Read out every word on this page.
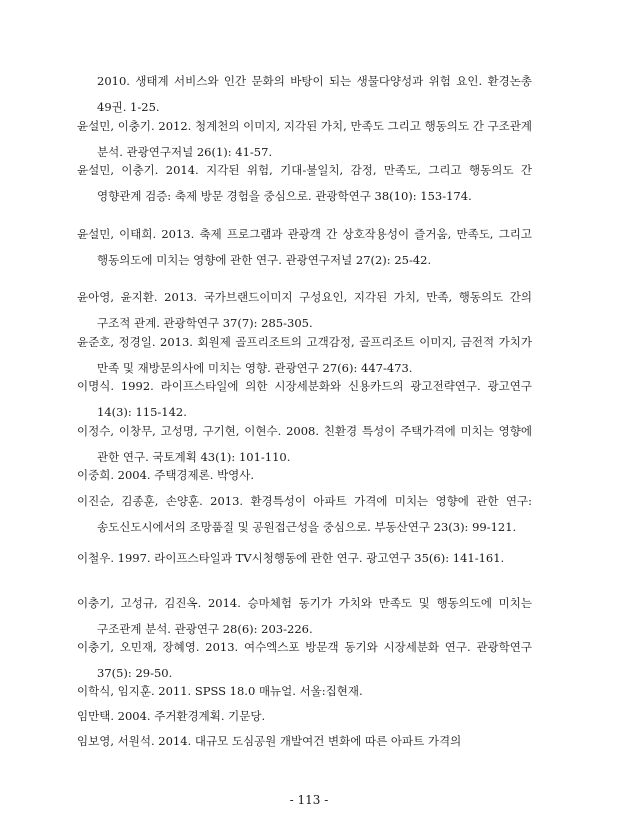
2010. 생태계 서비스와 인간 문화의 바탕이 되는 생물다양성과 위험 요인. 환경논총 49권. 1-25.
윤설민, 이충기. 2012. 청계천의 이미지, 지각된 가치, 만족도 그리고 행동의도 간 구조관계 분석. 관광연구저널 26(1): 41-57.
윤설민, 이충기. 2014. 지각된 위험, 기대-불일치, 감정, 만족도, 그리고 행동의도 간 영향관계 검증: 축제 방문 경험을 중심으로. 관광학연구 38(10): 153-174.
윤설민, 이태희. 2013. 축제 프로그램과 관광객 간 상호작용성이 즐거움, 만족도, 그리고 행동의도에 미치는 영향에 관한 연구. 관광연구저널 27(2): 25-42.
윤아영, 윤지환. 2013. 국가브랜드이미지 구성요인, 지각된 가치, 만족, 행동의도 간의 구조적 관계. 관광학연구 37(7): 285-305.
윤준호, 정경일. 2013. 회원제 골프리조트의 고객감정, 골프리조트 이미지, 금전적 가치가 만족 및 재방문의사에 미치는 영향. 관광연구 27(6): 447-473.
이명식. 1992. 라이프스타일에 의한 시장세분화와 신용카드의 광고전략연구. 광고연구 14(3): 115-142.
이정수, 이창무, 고성명, 구기현, 이현수. 2008. 친환경 특성이 주택가격에 미치는 영향에 관한 연구. 국토계획 43(1): 101-110.
이중희. 2004. 주택경제론. 박영사.
이진순, 김종훈, 손양훈. 2013. 환경특성이 아파트 가격에 미치는 영향에 관한 연구: 송도신도시에서의 조망품질 및 공원접근성을 중심으로. 부동산연구 23(3): 99-121.
이철우. 1997. 라이프스타일과 TV시청행동에 관한 연구. 광고연구 35(6): 141-161.
이충기, 고성규, 김진옥. 2014. 승마체험 동기가 가치와 만족도 및 행동의도에 미치는 구조관계 분석. 관광연구 28(6): 203-226.
이충기, 오민재, 장혜영. 2013. 여수엑스포 방문객 동기와 시장세분화 연구. 관광학연구 37(5): 29-50.
이학식, 임지훈. 2011. SPSS 18.0 매뉴얼. 서울:집현재.
임만택. 2004. 주거환경계획. 기문당.
임보영, 서원석. 2014. 대규모 도심공원 개발여건 변화에 따른 아파트 가격의
- 113 -
